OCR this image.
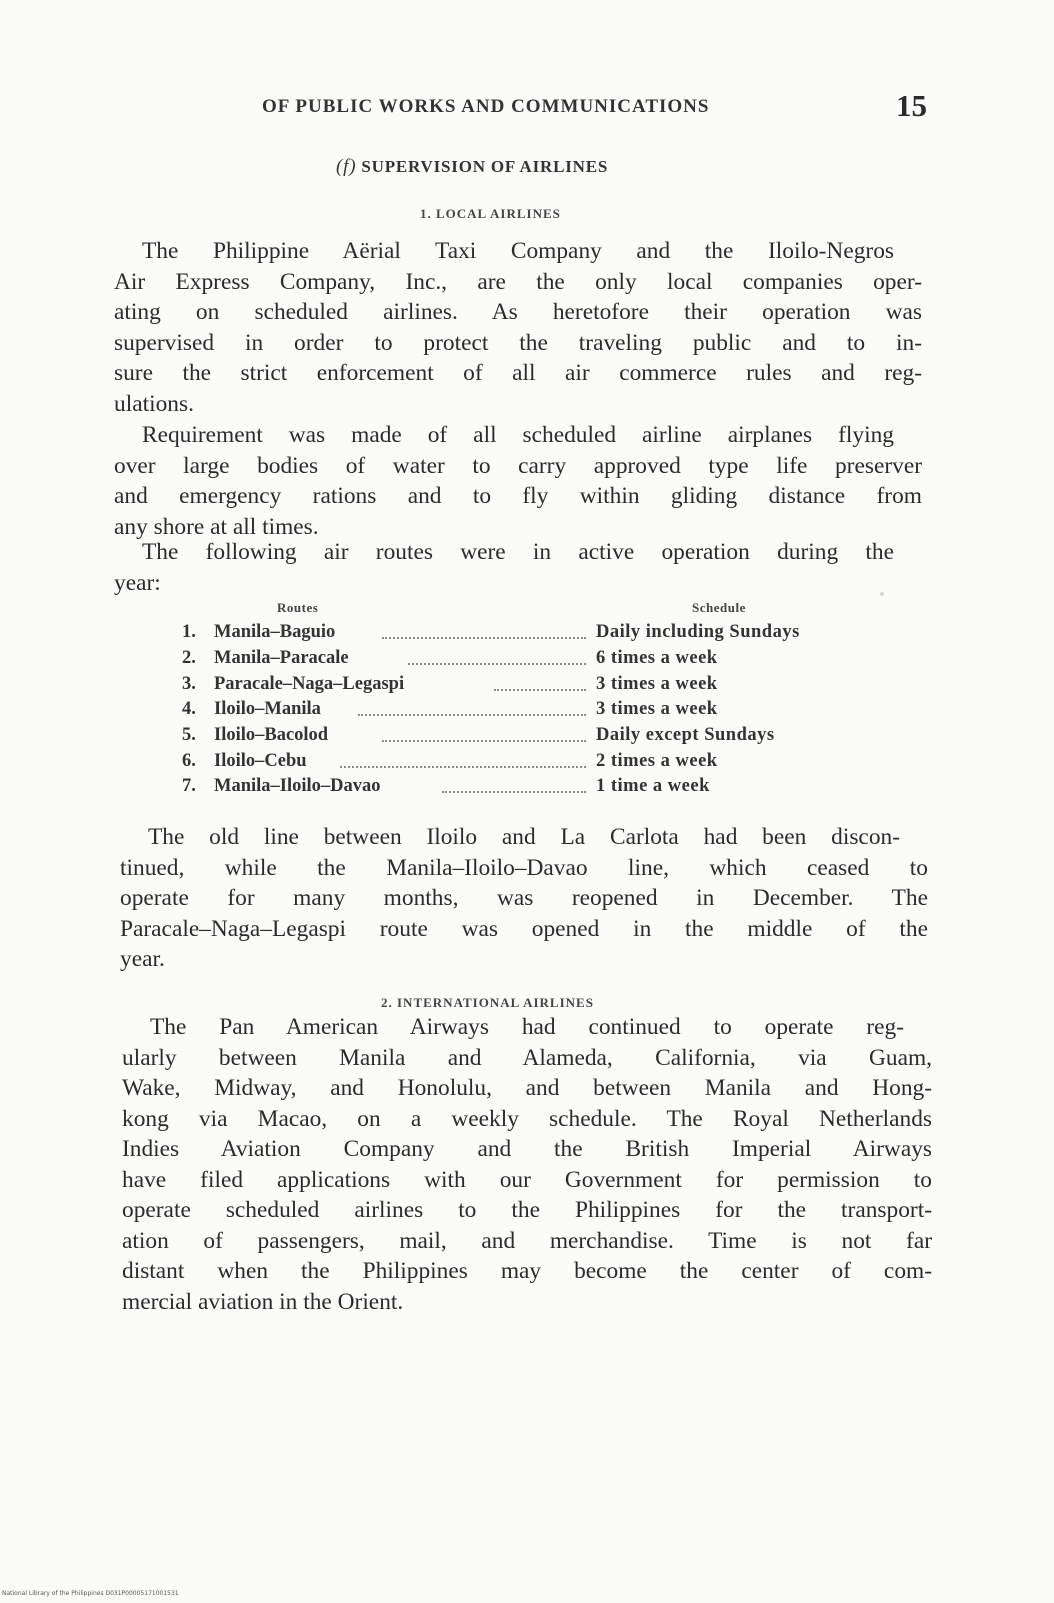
OF PUBLIC WORKS AND COMMUNICATIONS	15
(f) SUPERVISION OF AIRLINES
1. LOCAL AIRLINES
The Philippine Aërial Taxi Company and the Iloilo-Negros
Air Express Company, Inc., are the only local companies oper-
ating on scheduled airlines. As heretofore their operation was
supervised in order to protect the traveling public and to in-
sure the strict enforcement of all air commerce rules and reg-
ulations.
Requirement was made of all scheduled airline airplanes flying
over large bodies of water to carry approved type life preserver
and emergency rations and to fly within gliding distance from
any shore at all times.
The following air routes were in active operation during the
year:
Routes	Schedule
1. Manila–Baguio	Daily including Sundays
2. Manila–Paracale	6 times a week
3. Paracale–Naga–Legaspi	3 times a week
4. Iloilo–Manila	3 times a week
5. Iloilo–Bacolod	Daily except Sundays
6. Iloilo–Cebu	2 times a week
7. Manila–Iloilo–Davao	1 time a week
The old line between Iloilo and La Carlota had been discon-
tinued, while the Manila–Iloilo–Davao line, which ceased to
operate for many months, was reopened in December. The
Paracale–Naga–Legaspi route was opened in the middle of the
year.
2. INTERNATIONAL AIRLINES
The Pan American Airways had continued to operate reg-
ularly between Manila and Alameda, California, via Guam,
Wake, Midway, and Honolulu, and between Manila and Hong-
kong via Macao, on a weekly schedule. The Royal Netherlands
Indies Aviation Company and the British Imperial Airways
have filed applications with our Government for permission to
operate scheduled airlines to the Philippines for the transport-
ation of passengers, mail, and merchandise. Time is not far
distant when the Philippines may become the center of com-
mercial aviation in the Orient.
National Library of the Philippines D031P00005171001531
